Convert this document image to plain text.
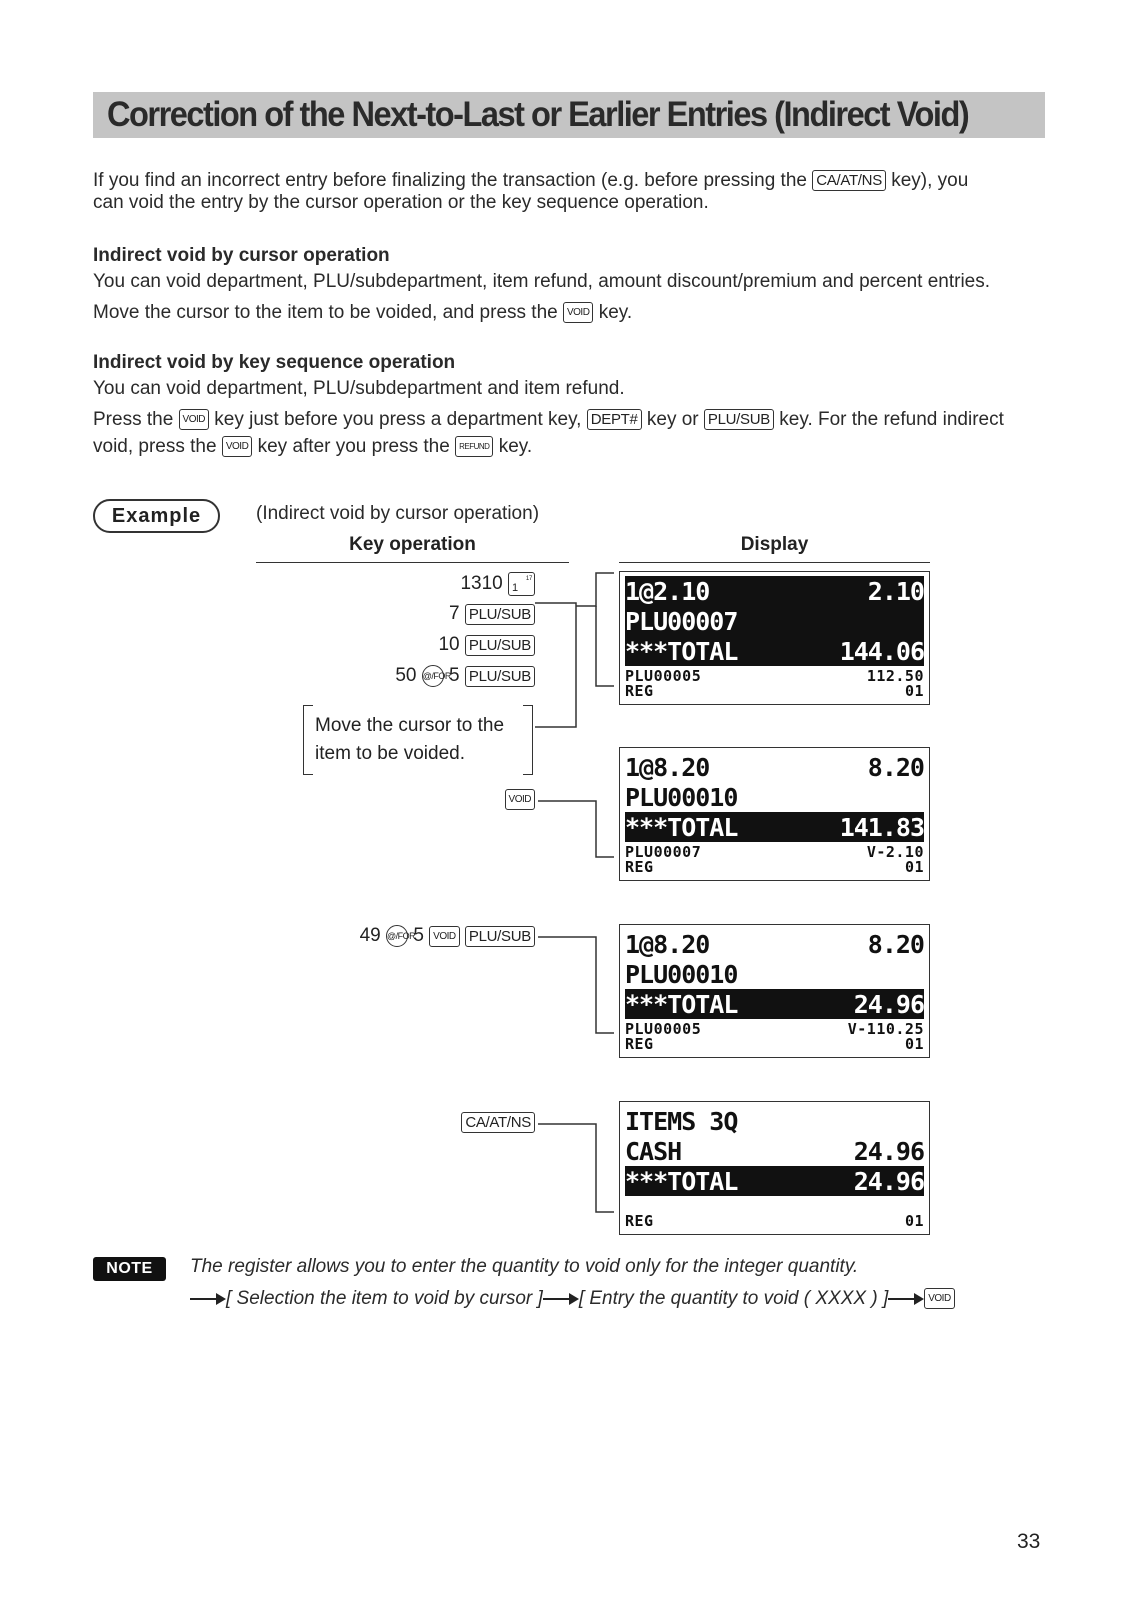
Correction of the Next-to-Last or Earlier Entries (Indirect Void)
If you find an incorrect entry before finalizing the transaction (e.g. before pressing the CA/AT/NS key), you
can void the entry by the cursor operation or the key sequence operation.
Indirect void by cursor operation
You can void department, PLU/subdepartment, item refund, amount discount/premium and percent entries.
Move the cursor to the item to be voided, and press the VOID key.
Indirect void by key sequence operation
You can void department, PLU/subdepartment and item refund.
Press the VOID key just before you press a department key, DEPT# key or PLU/SUB key. For the refund indirect
void, press the VOID key after you press the REFUND key.
Example	(Indirect void by cursor operation)
Key operation	Display
1310 1
17
7 PLU/SUB
10 PLU/SUB
50 @/FOR 5 PLU/SUB
Move the cursor to the
item to be voided.
VOID
49 @/FOR 5 VOID PLU/SUB
CA/AT/NS
1@2.10	2.10
PLU00007
***TOTAL	144.06
PLU00005	112.50
REG	01
1@8.20	8.20
PLU00010
***TOTAL	141.83
PLU00007	V-2.10
REG	01
1@8.20	8.20
PLU00010
***TOTAL	24.96
PLU00005	V-110.25
REG	01
ITEMS 3Q
CASH	24.96
***TOTAL	24.96
REG	01
NOTE	The register allows you to enter the quantity to void only for the integer quantity.
[ Selection the item to void by cursor ] [ Entry the quantity to void ( XXXX ) ]	VOID
33
